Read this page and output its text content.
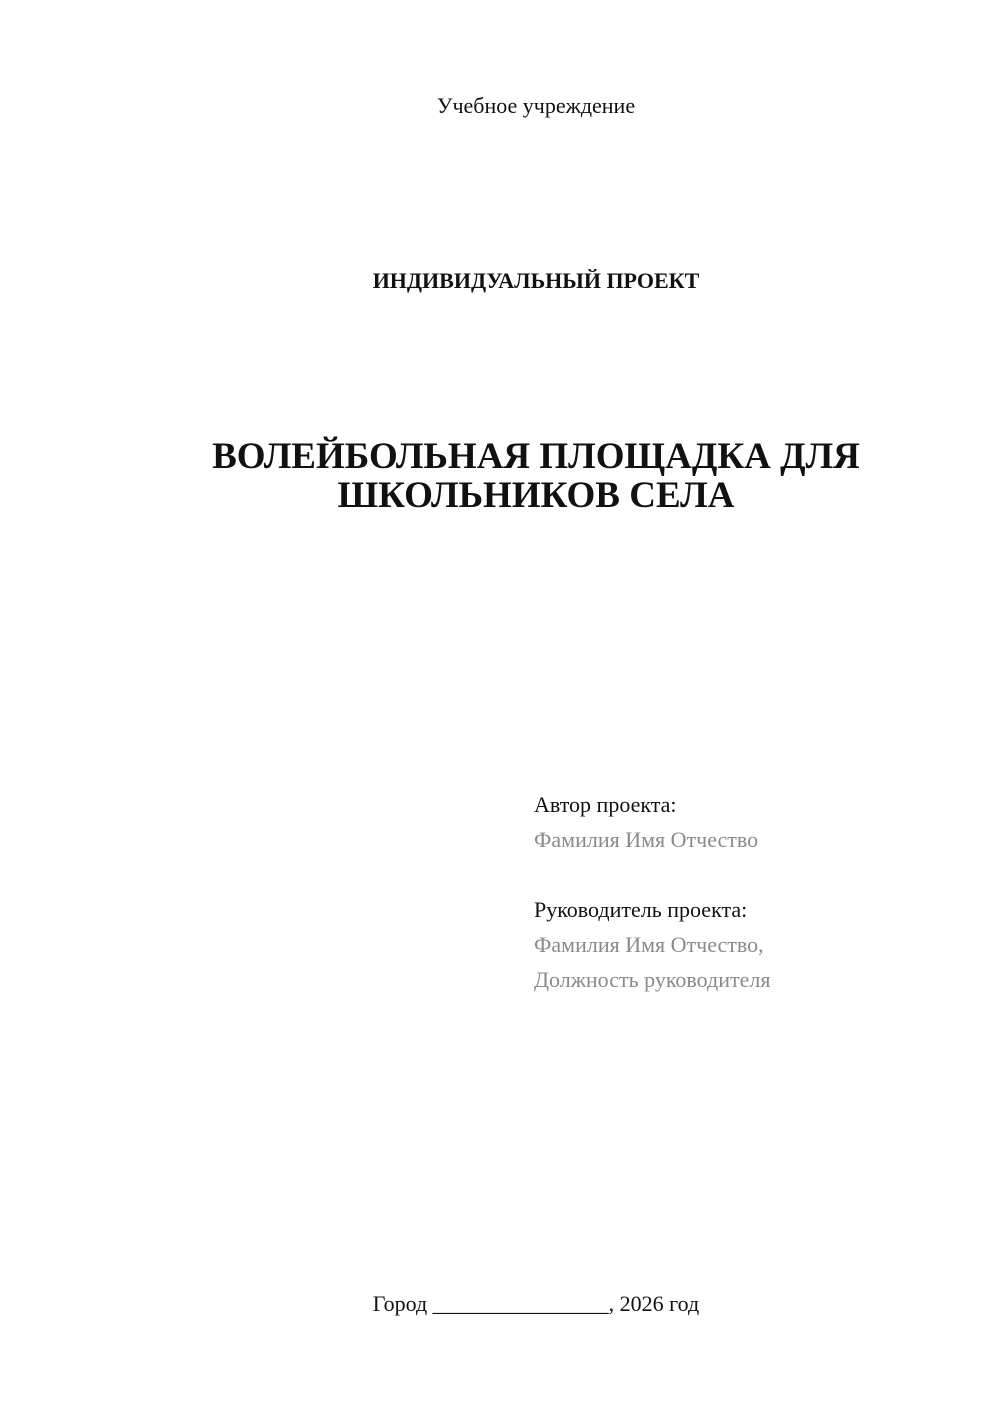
Учебное учреждение
ИНДИВИДУАЛЬНЫЙ ПРОЕКТ
ВОЛЕЙБОЛЬНАЯ ПЛОЩАДКА ДЛЯ
ШКОЛЬНИКОВ СЕЛА
Автор проекта:
Фамилия Имя Отчество
Руководитель проекта:
Фамилия Имя Отчество,
Должность руководителя
Город ________________, 2026 год
